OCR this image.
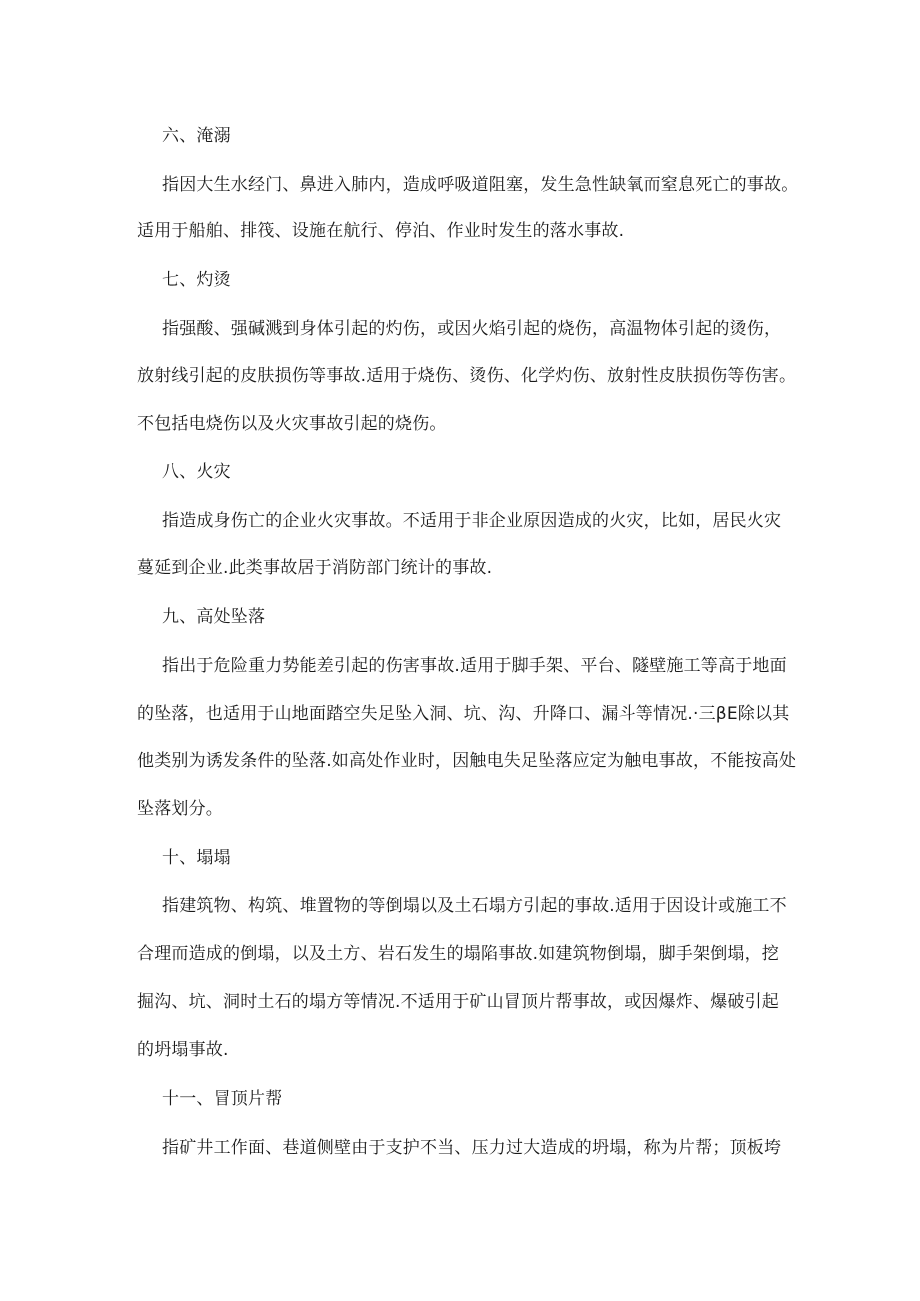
六、淹溺
指因大生水经门、鼻进入肺内，造成呼吸道阻塞，发生急性缺氧而窒息死亡的事故。
适用于船舶、排筏、设施在航行、停泊、作业时发生的落水事故.
七、灼烫
指强酸、强碱溅到身体引起的灼伤，或因火焰引起的烧伤，高温物体引起的烫伤，
放射线引起的皮肤损伤等事故.适用于烧伤、烫伤、化学灼伤、放射性皮肤损伤等伤害。
不包括电烧伤以及火灾事故引起的烧伤。
八、火灾
指造成身伤亡的企业火灾事故。不适用于非企业原因造成的火灾，比如，居民火灾
蔓延到企业.此类事故居于消防部门统计的事故.
九、高处坠落
指出于危险重力势能差引起的伤害事故.适用于脚手架、平台、隧壁施工等高于地面
的坠落，也适用于山地面踏空失足坠入洞、坑、沟、升降口、漏斗等情况.·三βE除以其
他类别为诱发条件的坠落.如高处作业时，因触电失足坠落应定为触电事故，不能按高处
坠落划分。
十、塌塌
指建筑物、构筑、堆置物的等倒塌以及土石塌方引起的事故.适用于因设计或施工不
合理而造成的倒塌，以及土方、岩石发生的塌陷事故.如建筑物倒塌，脚手架倒塌，挖
掘沟、坑、洞时土石的塌方等情况.不适用于矿山冒顶片帮事故，或因爆炸、爆破引起
的坍塌事故.
十一、冒顶片帮
指矿井工作面、巷道侧壁由于支护不当、压力过大造成的坍塌，称为片帮；顶板垮
